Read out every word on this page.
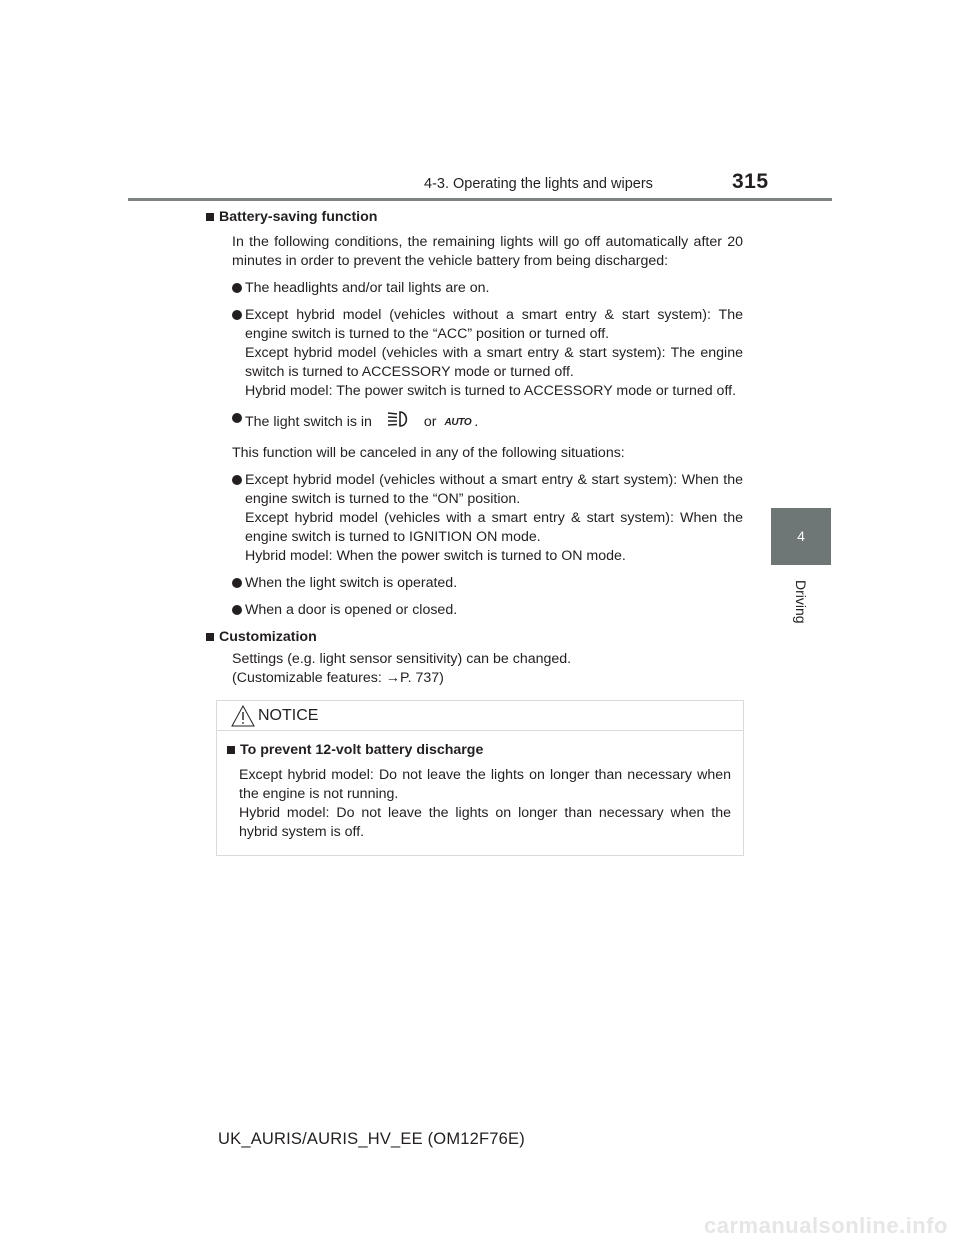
4-3. Operating the lights and wipers	315
4
Driving
Battery-saving function
In the following conditions, the remaining lights will go off automatically after 20 minutes in order to prevent the vehicle battery from being discharged:
The headlights and/or tail lights are on.
Except hybrid model (vehicles without a smart entry & start system): The engine switch is turned to the “ACC” position or turned off.
Except hybrid model (vehicles with a smart entry & start system): The engine switch is turned to ACCESSORY mode or turned off.
Hybrid model: The power switch is turned to ACCESSORY mode or turned off.
The light switch is in	or AUTO .
This function will be canceled in any of the following situations:
Except hybrid model (vehicles without a smart entry & start system): When the engine switch is turned to the “ON” position.
Except hybrid model (vehicles with a smart entry & start system): When the engine switch is turned to IGNITION ON mode.
Hybrid model: When the power switch is turned to ON mode.
When the light switch is operated.
When a door is opened or closed.
Customization
Settings (e.g. light sensor sensitivity) can be changed.
(Customizable features: →P. 737)
NOTICE
To prevent 12-volt battery discharge
Except hybrid model: Do not leave the lights on longer than necessary when the engine is not running.
Hybrid model: Do not leave the lights on longer than necessary when the hybrid system is off.
UK_AURIS/AURIS_HV_EE (OM12F76E)
carmanualsonline.info
